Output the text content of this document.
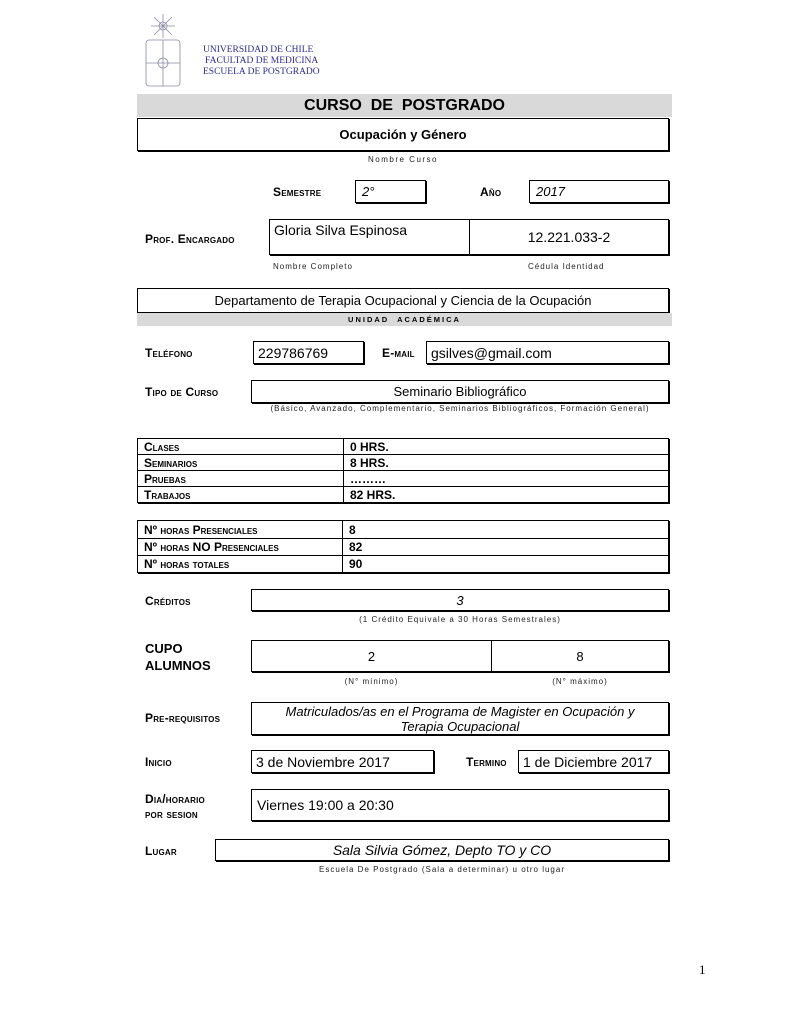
UNIVERSIDAD DE CHILE
FACULTAD DE MEDICINA
ESCUELA DE POSTGRADO
CURSO  DE  POSTGRADO
Ocupación y Género
Nombre Curso
Semestre	2°	Año	2017
Prof. Encargado
Gloria Silva Espinosa	12.221.033-2
Nombre Completo	Cédula Identidad
Departamento de Terapia Ocupacional y Ciencia de la Ocupación
UNIDAD  ACADÉMICA
Teléfono	229786769	E-mail	gsilves@gmail.com
Tipo de Curso	Seminario Bibliográfico
(Básico, Avanzado, Complementario, Seminarios Bibliográficos, Formación General)
Clases	0 HRS.
Seminarios	8 HRS.
Pruebas	………
Trabajos	82 HRS.
Nº horas Presenciales	8
Nº horas NO Presenciales	82
Nº horas totales	90
Créditos	3
(1 Crédito Equivale a 30 Horas Semestrales)
CUPO
ALUMNOS
2	8
(N° mínimo)	(N° máximo)
Pre-requisitos	Matriculados/as en el Programa de Magister en Ocupación y
Terapia Ocupacional
Inicio	3 de Noviembre 2017	Termino	1 de Diciembre 2017
Dia/horario
por sesion
Viernes 19:00 a 20:30
Lugar	Sala Silvia Gómez, Depto TO y CO
Escuela De Postgrado (Sala a determinar) u otro lugar
1
